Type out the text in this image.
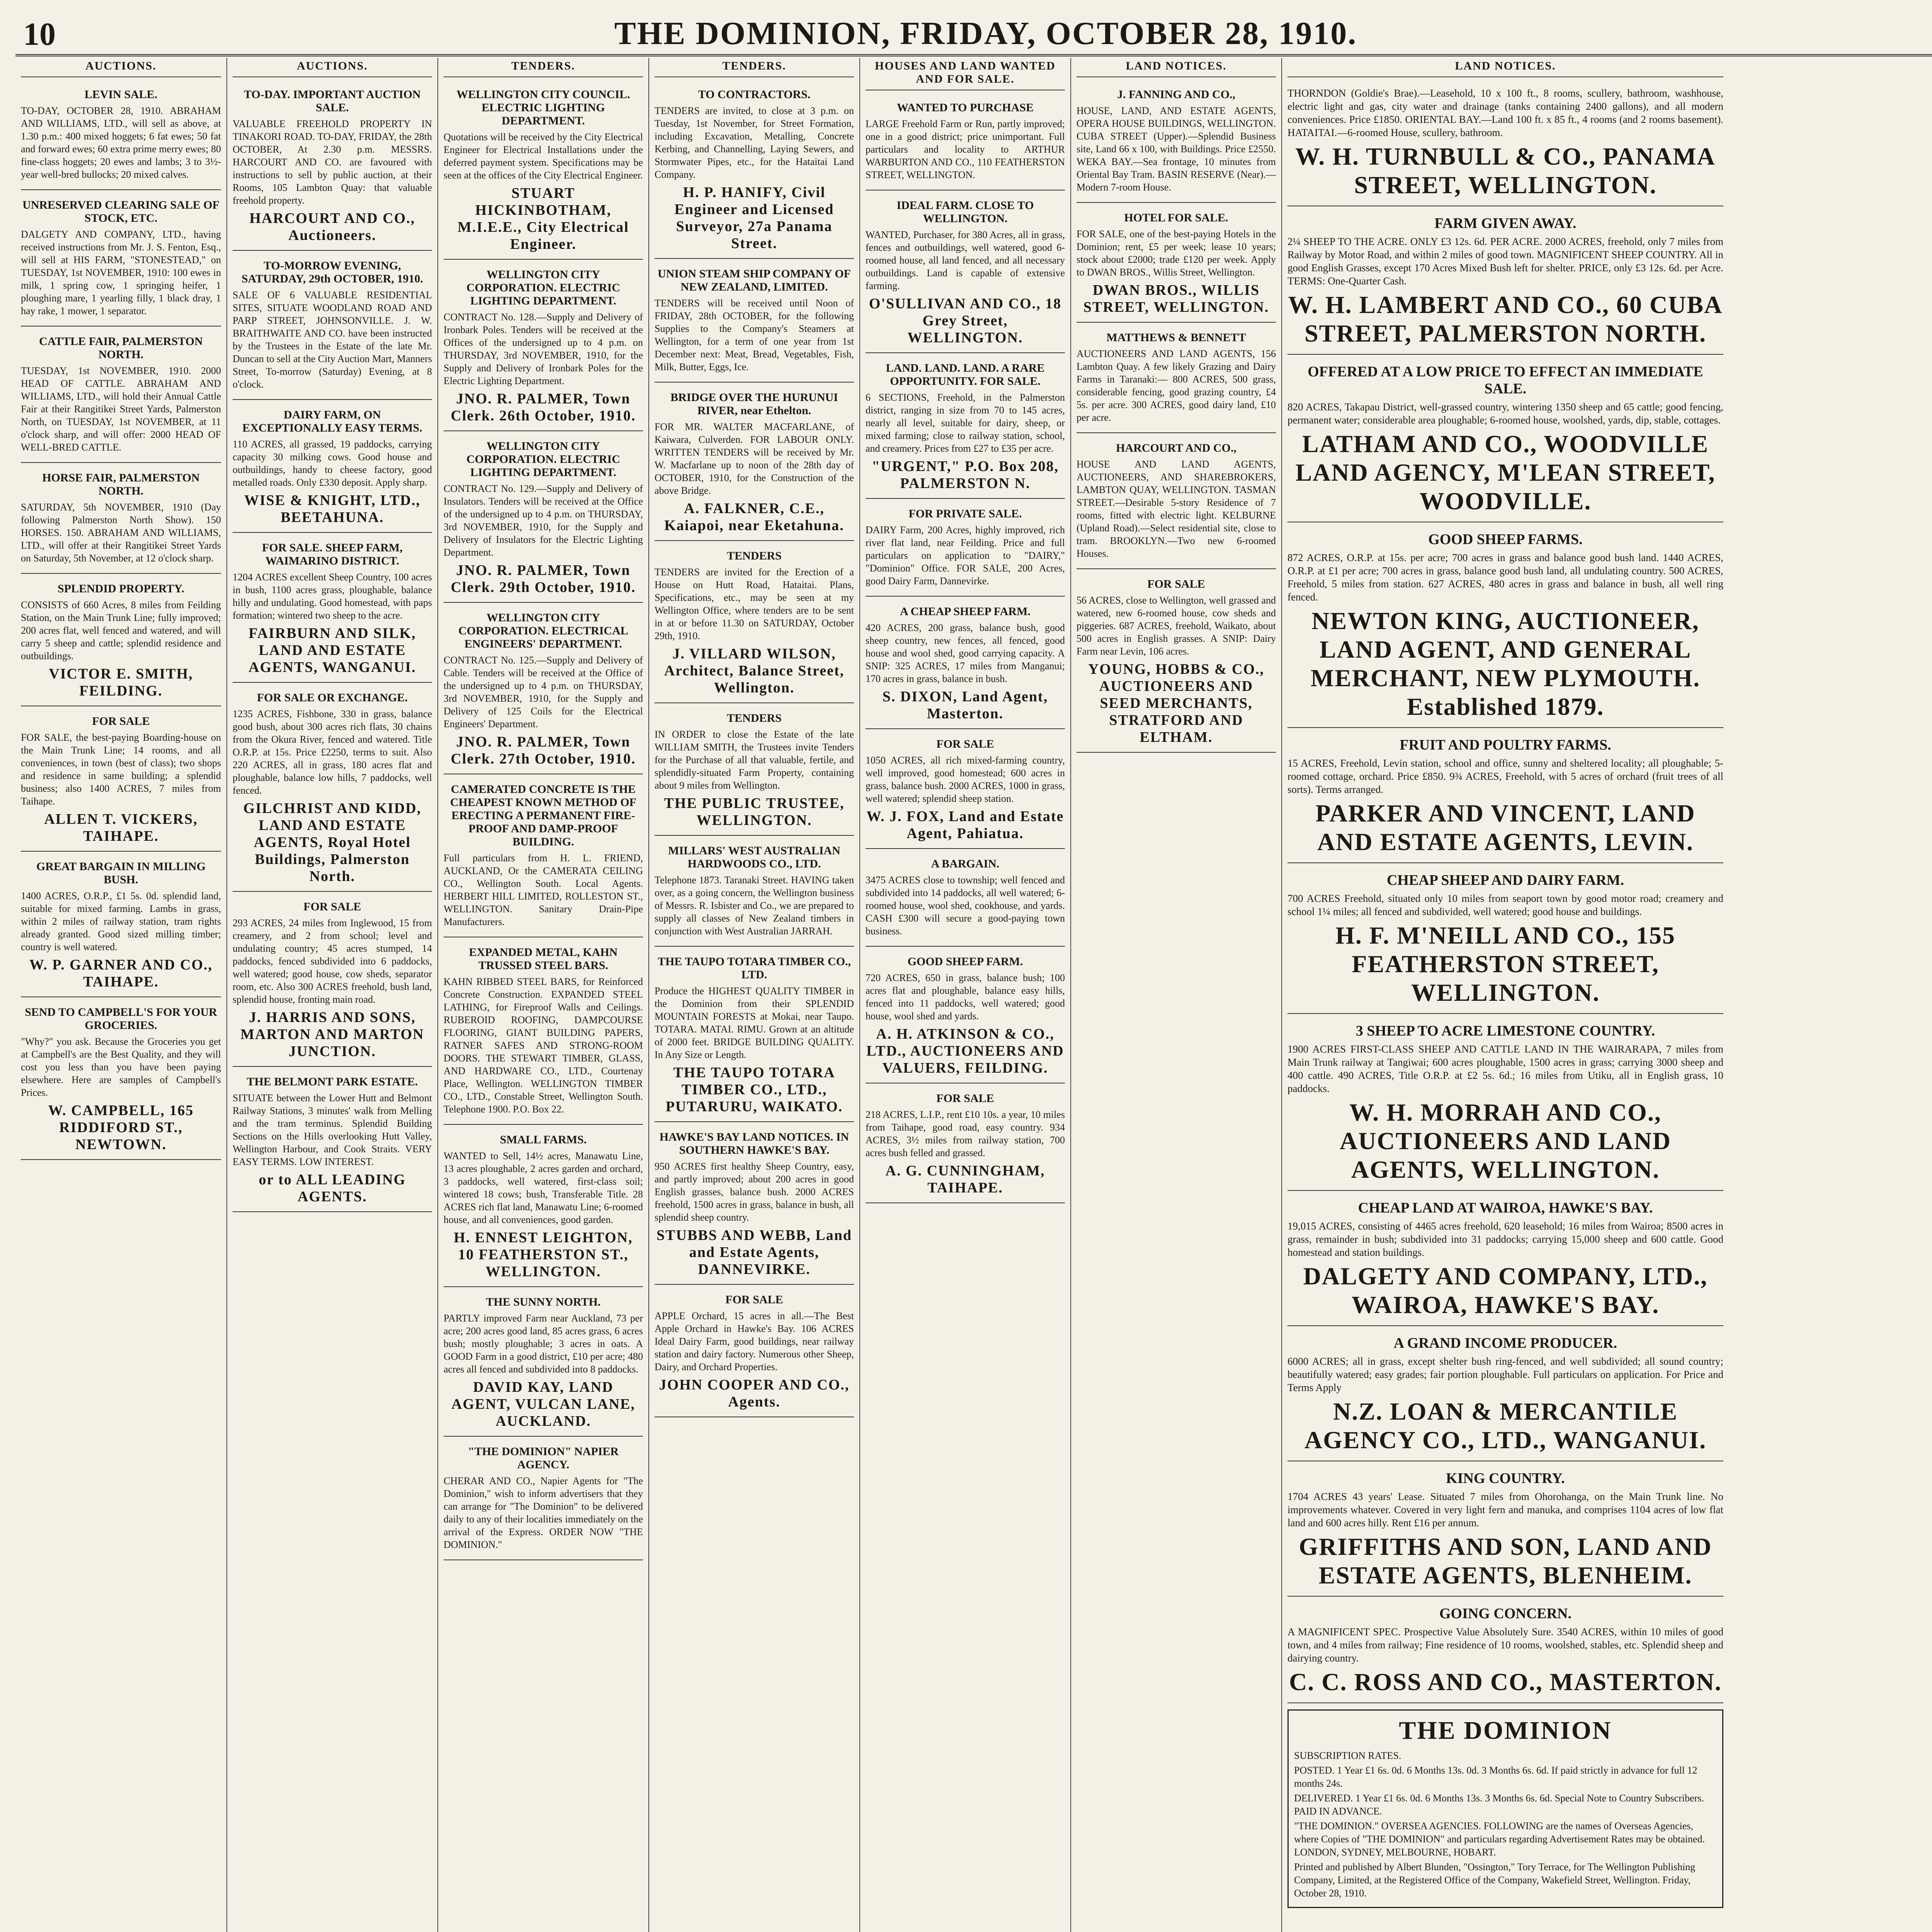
10	THE DOMINION, FRIDAY, OCTOBER 28, 1910.
AUCTIONS.
LEVIN SALE.

TO-DAY, OCTOBER 28, 1910. ABRAHAM AND WILLIAMS, LTD., will sell as above, at 1.30 p.m.: 400 mixed hoggets; 6 fat ewes; 50 fat and forward ewes; 60 extra prime merry ewes; 80 fine-class hoggets; 20 ewes and lambs; 3 to 3½-year well-bred bullocks; 20 mixed calves.

UNRESERVED CLEARING SALE OF STOCK, ETC.

DALGETY AND COMPANY, LTD., having received instructions from Mr. J. S. Fenton, Esq., will sell at HIS FARM, "STONESTEAD," on TUESDAY, 1st NOVEMBER, 1910: 100 ewes in milk, 1 spring cow, 1 springing heifer, 1 ploughing mare, 1 yearling filly, 1 black dray, 1 hay rake, 1 mower, 1 separator.

CATTLE FAIR, PALMERSTON NORTH.

TUESDAY, 1st NOVEMBER, 1910. 2000 HEAD OF CATTLE. ABRAHAM AND WILLIAMS, LTD., will hold their Annual Cattle Fair at their Rangitikei Street Yards, Palmerston North, on TUESDAY, 1st NOVEMBER, at 11 o'clock sharp, and will offer: 2000 HEAD OF WELL-BRED CATTLE.

HORSE FAIR, PALMERSTON NORTH.

SATURDAY, 5th NOVEMBER, 1910 (Day following Palmerston North Show). 150 HORSES. 150. ABRAHAM AND WILLIAMS, LTD., will offer at their Rangitikei Street Yards on Saturday, 5th November, at 12 o'clock sharp.

SPLENDID PROPERTY.

CONSISTS of 660 Acres, 8 miles from Feilding Station, on the Main Trunk Line; fully improved; 200 acres flat, well fenced and watered, and will carry 5 sheep and cattle; splendid residence and outbuildings.

VICTOR E. SMITH, FEILDING.
FOR SALE

FOR SALE, the best-paying Boarding-house on the Main Trunk Line; 14 rooms, and all conveniences, in town (best of class); two shops and residence in same building; a splendid business; also 1400 ACRES, 7 miles from Taihape.

ALLEN T. VICKERS, TAIHAPE.
GREAT BARGAIN IN MILLING BUSH.

1400 ACRES, O.R.P., £1 5s. 0d. splendid land, suitable for mixed farming. Lambs in grass, within 2 miles of railway station, tram rights already granted. Good sized milling timber; country is well watered.

W. P. GARNER AND CO., TAIHAPE.
SEND TO CAMPBELL'S FOR YOUR GROCERIES.

"Why?" you ask. Because the Groceries you get at Campbell's are the Best Quality, and they will cost you less than you have been paying elsewhere. Here are samples of Campbell's Prices.

W. CAMPBELL, 165 RIDDIFORD ST., NEWTOWN.
AUCTIONS.
TO-DAY. IMPORTANT AUCTION SALE.

VALUABLE FREEHOLD PROPERTY IN TINAKORI ROAD. TO-DAY, FRIDAY, the 28th OCTOBER, At 2.30 p.m. MESSRS. HARCOURT AND CO. are favoured with instructions to sell by public auction, at their Rooms, 105 Lambton Quay: that valuable freehold property.

HARCOURT AND CO., Auctioneers.
TO-MORROW EVENING, SATURDAY, 29th OCTOBER, 1910.

SALE OF 6 VALUABLE RESIDENTIAL SITES, SITUATE WOODLAND ROAD AND PARP STREET, JOHNSONVILLE. J. W. BRAITHWAITE AND CO. have been instructed by the Trustees in the Estate of the late Mr. Duncan to sell at the City Auction Mart, Manners Street, To-morrow (Saturday) Evening, at 8 o'clock.

DAIRY FARM, ON EXCEPTIONALLY EASY TERMS.

110 ACRES, all grassed, 19 paddocks, carrying capacity 30 milking cows. Good house and outbuildings, handy to cheese factory, good metalled roads. Only £330 deposit. Apply sharp.

WISE & KNIGHT, LTD., BEETAHUNA.
FOR SALE. SHEEP FARM, WAIMARINO DISTRICT.

1204 ACRES excellent Sheep Country, 100 acres in bush, 1100 acres grass, ploughable, balance hilly and undulating. Good homestead, with paps formation; wintered two sheep to the acre.

FAIRBURN AND SILK, LAND AND ESTATE AGENTS, WANGANUI.
FOR SALE OR EXCHANGE.

1235 ACRES, Fishbone, 330 in grass, balance good bush, about 300 acres rich flats, 30 chains from the Okura River, fenced and watered. Title O.R.P. at 15s. Price £2250, terms to suit. Also 220 ACRES, all in grass, 180 acres flat and ploughable, balance low hills, 7 paddocks, well fenced.

GILCHRIST AND KIDD, LAND AND ESTATE AGENTS, Royal Hotel Buildings, Palmerston North.
FOR SALE

293 ACRES, 24 miles from Inglewood, 15 from creamery, and 2 from school; level and undulating country; 45 acres stumped, 14 paddocks, fenced subdivided into 6 paddocks, well watered; good house, cow sheds, separator room, etc. Also 300 ACRES freehold, bush land, splendid house, fronting main road.

J. HARRIS AND SONS, MARTON AND MARTON JUNCTION.
THE BELMONT PARK ESTATE.

SITUATE between the Lower Hutt and Belmont Railway Stations, 3 minutes' walk from Melling and the tram terminus. Splendid Building Sections on the Hills overlooking Hutt Valley, Wellington Harbour, and Cook Straits. VERY EASY TERMS. LOW INTEREST.

or to ALL LEADING AGENTS.
TENDERS.
WELLINGTON CITY COUNCIL. ELECTRIC LIGHTING DEPARTMENT.

Quotations will be received by the City Electrical Engineer for Electrical Installations under the deferred payment system. Specifications may be seen at the offices of the City Electrical Engineer.

STUART HICKINBOTHAM, M.I.E.E., City Electrical Engineer.
WELLINGTON CITY CORPORATION. ELECTRIC LIGHTING DEPARTMENT.

CONTRACT No. 128.—Supply and Delivery of Ironbark Poles. Tenders will be received at the Offices of the undersigned up to 4 p.m. on THURSDAY, 3rd NOVEMBER, 1910, for the Supply and Delivery of Ironbark Poles for the Electric Lighting Department.

JNO. R. PALMER, Town Clerk. 26th October, 1910.
WELLINGTON CITY CORPORATION. ELECTRIC LIGHTING DEPARTMENT.

CONTRACT No. 129.—Supply and Delivery of Insulators. Tenders will be received at the Office of the undersigned up to 4 p.m. on THURSDAY, 3rd NOVEMBER, 1910, for the Supply and Delivery of Insulators for the Electric Lighting Department.

JNO. R. PALMER, Town Clerk. 29th October, 1910.
WELLINGTON CITY CORPORATION. ELECTRICAL ENGINEERS' DEPARTMENT.

CONTRACT No. 125.—Supply and Delivery of Cable. Tenders will be received at the Office of the undersigned up to 4 p.m. on THURSDAY, 3rd NOVEMBER, 1910, for the Supply and Delivery of 125 Coils for the Electrical Engineers' Department.

JNO. R. PALMER, Town Clerk. 27th October, 1910.
CAMERATED CONCRETE IS THE CHEAPEST KNOWN METHOD OF ERECTING A PERMANENT FIRE-PROOF AND DAMP-PROOF BUILDING.

Full particulars from H. L. FRIEND, AUCKLAND, Or the CAMERATA CEILING CO., Wellington South. Local Agents. HERBERT HILL LIMITED, ROLLESTON ST., WELLINGTON. Sanitary Drain-Pipe Manufacturers.

EXPANDED METAL, KAHN TRUSSED STEEL BARS.

KAHN RIBBED STEEL BARS, for Reinforced Concrete Construction. EXPANDED STEEL LATHING, for Fireproof Walls and Ceilings. RUBEROID ROOFING, DAMPCOURSE FLOORING, GIANT BUILDING PAPERS, RATNER SAFES AND STRONG-ROOM DOORS. THE STEWART TIMBER, GLASS, AND HARDWARE CO., LTD., Courtenay Place, Wellington. WELLINGTON TIMBER CO., LTD., Constable Street, Wellington South. Telephone 1900. P.O. Box 22.

SMALL FARMS.

WANTED to Sell, 14½ acres, Manawatu Line, 13 acres ploughable, 2 acres garden and orchard, 3 paddocks, well watered, first-class soil; wintered 18 cows; bush, Transferable Title. 28 ACRES rich flat land, Manawatu Line; 6-roomed house, and all conveniences, good garden.

H. ENNEST LEIGHTON, 10 FEATHERSTON ST., WELLINGTON.
THE SUNNY NORTH.

PARTLY improved Farm near Auckland, 73 per acre; 200 acres good land, 85 acres grass, 6 acres bush; mostly ploughable; 3 acres in oats. A GOOD Farm in a good district, £10 per acre; 480 acres all fenced and subdivided into 8 paddocks.

DAVID KAY, LAND AGENT, VULCAN LANE, AUCKLAND.
"THE DOMINION" NAPIER AGENCY.

CHERAR AND CO., Napier Agents for "The Dominion," wish to inform advertisers that they can arrange for "The Dominion" to be delivered daily to any of their localities immediately on the arrival of the Express. ORDER NOW "THE DOMINION."

TENDERS.
TO CONTRACTORS.

TENDERS are invited, to close at 3 p.m. on Tuesday, 1st November, for Street Formation, including Excavation, Metalling, Concrete Kerbing, and Channelling, Laying Sewers, and Stormwater Pipes, etc., for the Hataitai Land Company.

H. P. HANIFY, Civil Engineer and Licensed Surveyor, 27a Panama Street.
UNION STEAM SHIP COMPANY OF NEW ZEALAND, LIMITED.

TENDERS will be received until Noon of FRIDAY, 28th OCTOBER, for the following Supplies to the Company's Steamers at Wellington, for a term of one year from 1st December next: Meat, Bread, Vegetables, Fish, Milk, Butter, Eggs, Ice.

BRIDGE OVER THE HURUNUI RIVER, near Ethelton.

FOR MR. WALTER MACFARLANE, of Kaiwara, Culverden. FOR LABOUR ONLY. WRITTEN TENDERS will be received by Mr. W. Macfarlane up to noon of the 28th day of OCTOBER, 1910, for the Construction of the above Bridge.

A. FALKNER, C.E., Kaiapoi, near Eketahuna.
TENDERS

TENDERS are invited for the Erection of a House on Hutt Road, Hataitai. Plans, Specifications, etc., may be seen at my Wellington Office, where tenders are to be sent in at or before 11.30 on SATURDAY, October 29th, 1910.

J. VILLARD WILSON, Architect, Balance Street, Wellington.
TENDERS

IN ORDER to close the Estate of the late WILLIAM SMITH, the Trustees invite Tenders for the Purchase of all that valuable, fertile, and splendidly-situated Farm Property, containing about 9 miles from Wellington.

THE PUBLIC TRUSTEE, WELLINGTON.
MILLARS' WEST AUSTRALIAN HARDWOODS CO., LTD.

Telephone 1873. Taranaki Street. HAVING taken over, as a going concern, the Wellington business of Messrs. R. Isbister and Co., we are prepared to supply all classes of New Zealand timbers in conjunction with West Australian JARRAH.

THE TAUPO TOTARA TIMBER CO., LTD.

Produce the HIGHEST QUALITY TIMBER in the Dominion from their SPLENDID MOUNTAIN FORESTS at Mokai, near Taupo. TOTARA. MATAI. RIMU. Grown at an altitude of 2000 feet. BRIDGE BUILDING QUALITY. In Any Size or Length.

THE TAUPO TOTARA TIMBER CO., LTD., PUTARURU, WAIKATO.
HAWKE'S BAY LAND NOTICES. IN SOUTHERN HAWKE'S BAY.

950 ACRES first healthy Sheep Country, easy, and partly improved; about 200 acres in good English grasses, balance bush. 2000 ACRES freehold, 1500 acres in grass, balance in bush, all splendid sheep country.

STUBBS AND WEBB, Land and Estate Agents, DANNEVIRKE.
FOR SALE

APPLE Orchard, 15 acres in all.—The Best Apple Orchard in Hawke's Bay. 106 ACRES Ideal Dairy Farm, good buildings, near railway station and dairy factory. Numerous other Sheep, Dairy, and Orchard Properties.

JOHN COOPER AND CO., Agents.
HOUSES AND LAND WANTED AND FOR SALE.
WANTED TO PURCHASE

LARGE Freehold Farm or Run, partly improved; one in a good district; price unimportant. Full particulars and locality to ARTHUR WARBURTON AND CO., 110 FEATHERSTON STREET, WELLINGTON.

IDEAL FARM. CLOSE TO WELLINGTON.

WANTED, Purchaser, for 380 Acres, all in grass, fences and outbuildings, well watered, good 6-roomed house, all land fenced, and all necessary outbuildings. Land is capable of extensive farming.

O'SULLIVAN AND CO., 18 Grey Street, WELLINGTON.
LAND. LAND. LAND. A RARE OPPORTUNITY. FOR SALE.

6 SECTIONS, Freehold, in the Palmerston district, ranging in size from 70 to 145 acres, nearly all level, suitable for dairy, sheep, or mixed farming; close to railway station, school, and creamery. Prices from £27 to £35 per acre.

"URGENT," P.O. Box 208, PALMERSTON N.
FOR PRIVATE SALE.

DAIRY Farm, 200 Acres, highly improved, rich river flat land, near Feilding. Price and full particulars on application to "DAIRY," "Dominion" Office. FOR SALE, 200 Acres, good Dairy Farm, Dannevirke.

A CHEAP SHEEP FARM.

420 ACRES, 200 grass, balance bush, good sheep country, new fences, all fenced, good house and wool shed, good carrying capacity. A SNIP: 325 ACRES, 17 miles from Manganui; 170 acres in grass, balance in bush.

S. DIXON, Land Agent, Masterton.
FOR SALE

1050 ACRES, all rich mixed-farming country, well improved, good homestead; 600 acres in grass, balance bush. 2000 ACRES, 1000 in grass, well watered; splendid sheep station.

W. J. FOX, Land and Estate Agent, Pahiatua.
A BARGAIN.

3475 ACRES close to township; well fenced and subdivided into 14 paddocks, all well watered; 6-roomed house, wool shed, cookhouse, and yards. CASH £300 will secure a good-paying town business.

GOOD SHEEP FARM.

720 ACRES, 650 in grass, balance bush; 100 acres flat and ploughable, balance easy hills, fenced into 11 paddocks, well watered; good house, wool shed and yards.

A. H. ATKINSON & CO., LTD., AUCTIONEERS AND VALUERS, FEILDING.
FOR SALE

218 ACRES, L.I.P., rent £10 10s. a year, 10 miles from Taihape, good road, easy country. 934 ACRES, 3½ miles from railway station, 700 acres bush felled and grassed.

A. G. CUNNINGHAM, TAIHAPE.
LAND NOTICES.
J. FANNING AND CO.,

HOUSE, LAND, AND ESTATE AGENTS, OPERA HOUSE BUILDINGS, WELLINGTON. CUBA STREET (Upper).—Splendid Business site, Land 66 x 100, with Buildings. Price £2550. WEKA BAY.—Sea frontage, 10 minutes from Oriental Bay Tram. BASIN RESERVE (Near).—Modern 7-room House.

HOTEL FOR SALE.

FOR SALE, one of the best-paying Hotels in the Dominion; rent, £5 per week; lease 10 years; stock about £2000; trade £120 per week. Apply to DWAN BROS., Willis Street, Wellington.

DWAN BROS., WILLIS STREET, WELLINGTON.
MATTHEWS & BENNETT

AUCTIONEERS AND LAND AGENTS, 156 Lambton Quay. A few likely Grazing and Dairy Farms in Taranaki:— 800 ACRES, 500 grass, considerable fencing, good grazing country, £4 5s. per acre. 300 ACRES, good dairy land, £10 per acre.

HARCOURT AND CO.,

HOUSE AND LAND AGENTS, AUCTIONEERS, AND SHAREBROKERS, LAMBTON QUAY, WELLINGTON. TASMAN STREET.—Desirable 5-story Residence of 7 rooms, fitted with electric light. KELBURNE (Upland Road).—Select residential site, close to tram. BROOKLYN.—Two new 6-roomed Houses.

FOR SALE

56 ACRES, close to Wellington, well grassed and watered, new 6-roomed house, cow sheds and piggeries. 687 ACRES, freehold, Waikato, about 500 acres in English grasses. A SNIP: Dairy Farm near Levin, 106 acres.

YOUNG, HOBBS & CO., AUCTIONEERS AND SEED MERCHANTS, STRATFORD AND ELTHAM.
LAND NOTICES.

THORNDON (Goldie's Brae).—Leasehold, 10 x 100 ft., 8 rooms, scullery, bathroom, washhouse, electric light and gas, city water and drainage (tanks containing 2400 gallons), and all modern conveniences. Price £1850. ORIENTAL BAY.—Land 100 ft. x 85 ft., 4 rooms (and 2 rooms basement). HATAITAI.—6-roomed House, scullery, bathroom.

W. H. TURNBULL & CO., PANAMA STREET, WELLINGTON.
FARM GIVEN AWAY.

2¼ SHEEP TO THE ACRE. ONLY £3 12s. 6d. PER ACRE. 2000 ACRES, freehold, only 7 miles from Railway by Motor Road, and within 2 miles of good town. MAGNIFICENT SHEEP COUNTRY. All in good English Grasses, except 170 Acres Mixed Bush left for shelter. PRICE, only £3 12s. 6d. per Acre. TERMS: One-Quarter Cash.

W. H. LAMBERT AND CO., 60 CUBA STREET, PALMERSTON NORTH.
OFFERED AT A LOW PRICE TO EFFECT AN IMMEDIATE SALE.

820 ACRES, Takapau District, well-grassed country, wintering 1350 sheep and 65 cattle; good fencing, permanent water; considerable area ploughable; 6-roomed house, woolshed, yards, dip, stable, cottages.

LATHAM AND CO., WOODVILLE LAND AGENCY, M'LEAN STREET, WOODVILLE.
GOOD SHEEP FARMS.

872 ACRES, O.R.P. at 15s. per acre; 700 acres in grass and balance good bush land. 1440 ACRES, O.R.P. at £1 per acre; 700 acres in grass, balance good bush land, all undulating country. 500 ACRES, Freehold, 5 miles from station. 627 ACRES, 480 acres in grass and balance in bush, all well ring fenced.

NEWTON KING, AUCTIONEER, LAND AGENT, AND GENERAL MERCHANT, NEW PLYMOUTH. Established 1879.
FRUIT AND POULTRY FARMS.

15 ACRES, Freehold, Levin station, school and office, sunny and sheltered locality; all ploughable; 5-roomed cottage, orchard. Price £850. 9¾ ACRES, Freehold, with 5 acres of orchard (fruit trees of all sorts). Terms arranged.

PARKER AND VINCENT, LAND AND ESTATE AGENTS, LEVIN.
CHEAP SHEEP AND DAIRY FARM.

700 ACRES Freehold, situated only 10 miles from seaport town by good motor road; creamery and school 1¼ miles; all fenced and subdivided, well watered; good house and buildings.

H. F. M'NEILL AND CO., 155 FEATHERSTON STREET, WELLINGTON.
3 SHEEP TO ACRE LIMESTONE COUNTRY.

1900 ACRES FIRST-CLASS SHEEP AND CATTLE LAND IN THE WAIRARAPA, 7 miles from Main Trunk railway at Tangiwai; 600 acres ploughable, 1500 acres in grass; carrying 3000 sheep and 400 cattle. 490 ACRES, Title O.R.P. at £2 5s. 6d.; 16 miles from Utiku, all in English grass, 10 paddocks.

W. H. MORRAH AND CO., AUCTIONEERS AND LAND AGENTS, WELLINGTON.
CHEAP LAND AT WAIROA, HAWKE'S BAY.

19,015 ACRES, consisting of 4465 acres freehold, 620 leasehold; 16 miles from Wairoa; 8500 acres in grass, remainder in bush; subdivided into 31 paddocks; carrying 15,000 sheep and 600 cattle. Good homestead and station buildings.

DALGETY AND COMPANY, LTD., WAIROA, HAWKE'S BAY.
A GRAND INCOME PRODUCER.

6000 ACRES; all in grass, except shelter bush ring-fenced, and well subdivided; all sound country; beautifully watered; easy grades; fair portion ploughable. Full particulars on application. For Price and Terms Apply

N.Z. LOAN & MERCANTILE AGENCY CO., LTD., WANGANUI.
KING COUNTRY.

1704 ACRES 43 years' Lease. Situated 7 miles from Ohorohanga, on the Main Trunk line. No improvements whatever. Covered in very light fern and manuka, and comprises 1104 acres of low flat land and 600 acres hilly. Rent £16 per annum.

GRIFFITHS AND SON, LAND AND ESTATE AGENTS, BLENHEIM.
GOING CONCERN.

A MAGNIFICENT SPEC. Prospective Value Absolutely Sure. 3540 ACRES, within 10 miles of good town, and 4 miles from railway; Fine residence of 10 rooms, woolshed, stables, etc. Splendid sheep and dairying country.

C. C. ROSS AND CO., MASTERTON.
THE DOMINION

SUBSCRIPTION RATES.

POSTED. 1 Year £1 6s. 0d. 6 Months 13s. 0d. 3 Months 6s. 6d. If paid strictly in advance for full 12 months 24s.

DELIVERED. 1 Year £1 6s. 0d. 6 Months 13s. 3 Months 6s. 6d. Special Note to Country Subscribers. PAID IN ADVANCE.

"THE DOMINION." OVERSEA AGENCIES. FOLLOWING are the names of Overseas Agencies, where Copies of "THE DOMINION" and particulars regarding Advertisement Rates may be obtained. LONDON, SYDNEY, MELBOURNE, HOBART.

Printed and published by Albert Blunden, "Ossington," Tory Terrace, for The Wellington Publishing Company, Limited, at the Registered Office of the Company, Wakefield Street, Wellington. Friday, October 28, 1910.
